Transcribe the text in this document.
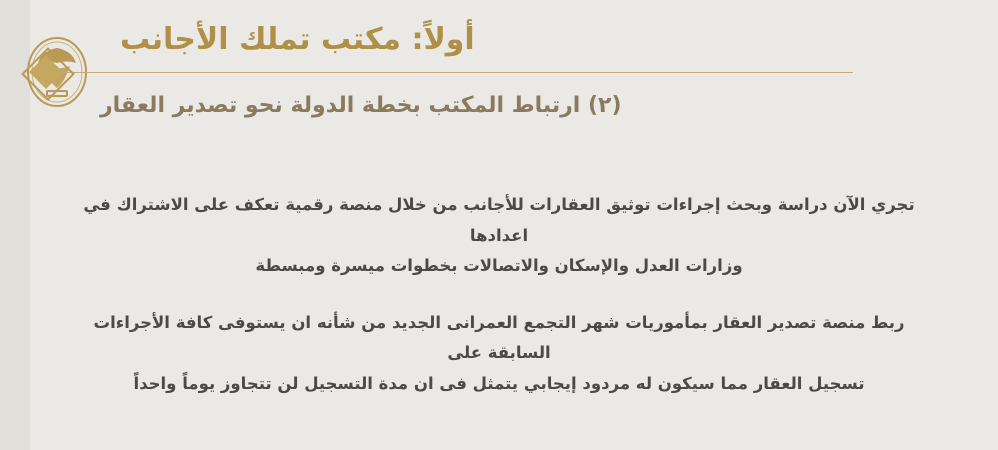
أولاً: مكتب تملك الأجانب
(٢) ارتباط المكتب بخطة الدولة نحو تصدير العقار

تجري الآن دراسة وبحث إجراءات توثيق العقارات للأجانب من خلال منصة رقمية تعكف على الاشتراك في اعدادها
وزارات العدل والإسكان والاتصالات بخطوات ميسرة ومبسطة

ربط منصة تصدير العقار بمأموريات شهر التجمع العمرانى الجديد من شأنه ان يستوفى كافة الأجراءات السابقة على
تسجيل العقار مما سيكون له مردود إيجابي يتمثل فى ان مدة التسجيل لن تتجاوز يوماً واحداً
